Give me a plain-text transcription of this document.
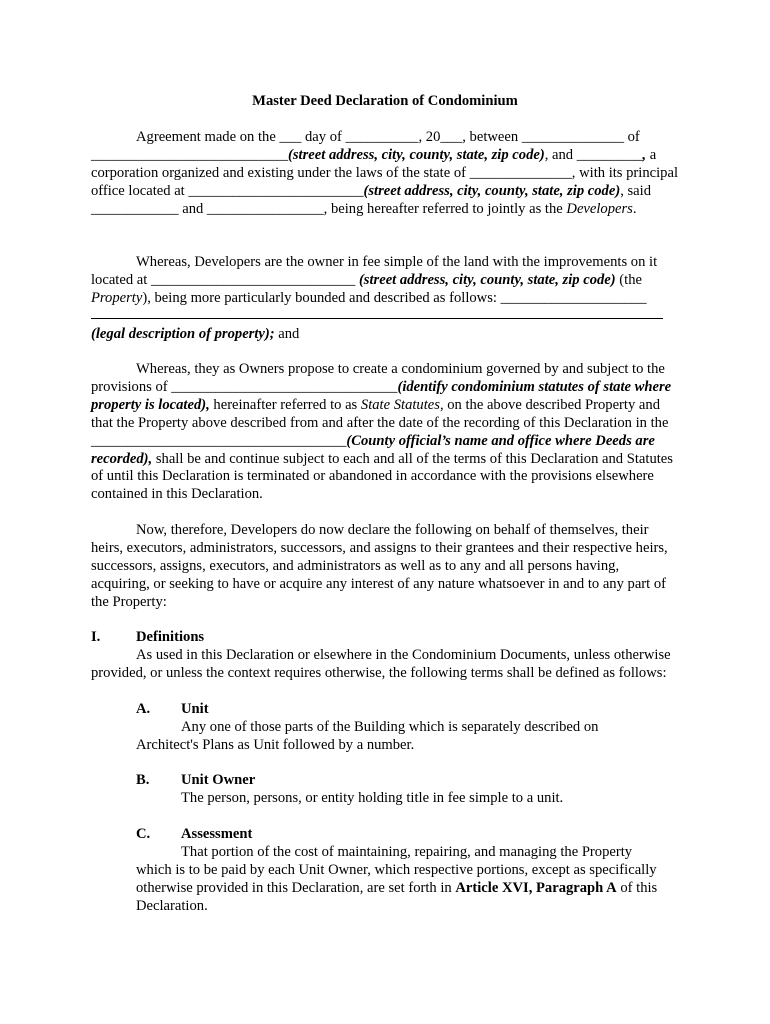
Master Deed Declaration of Condominium

Agreement made on the ___ day of __________, 20___, between ______________ of ___________________________(street address, city, county, state, zip code), and _________, a corporation organized and existing under the laws of the state of ______________, with its principal office located at ________________________(street address, city, county, state, zip code), said ____________ and ________________, being hereafter referred to jointly as the Developers.

Whereas, Developers are the owner in fee simple of the land with the improvements on it located at ____________________________ (street address, city, county, state, zip code) (the Property), being more particularly bounded and described as follows: ____________________
(legal description of property); and

Whereas, they as Owners propose to create a condominium governed by and subject to the provisions of _______________________________(identify condominium statutes of state where property is located), hereinafter referred to as State Statutes, on the above described Property and that the Property above described from and after the date of the recording of this Declaration in the ___________________________________(County official’s name and office where Deeds are recorded), shall be and continue subject to each and all of the terms of this Declaration and Statutes of until this Declaration is terminated or abandoned in accordance with the provisions elsewhere contained in this Declaration.

Now, therefore, Developers do now declare the following on behalf of themselves, their heirs, executors, administrators, successors, and assigns to their grantees and their respective heirs, successors, assigns, executors, and administrators as well as to any and all persons having, acquiring, or seeking to have or acquire any interest of any nature whatsoever in and to any part of the Property:

I. Definitions

As used in this Declaration or elsewhere in the Condominium Documents, unless otherwise provided, or unless the context requires otherwise, the following terms shall be defined as follows:

A. Unit

Any one of those parts of the Building which is separately described on
Architect's Plans as Unit followed by a number.

B. Unit Owner

The person, persons, or entity holding title in fee simple to a unit.

C. Assessment

That portion of the cost of maintaining, repairing, and managing the Property
which is to be paid by each Unit Owner, which respective portions, except as specifically otherwise provided in this Declaration, are set forth in Article XVI, Paragraph A of this Declaration.
